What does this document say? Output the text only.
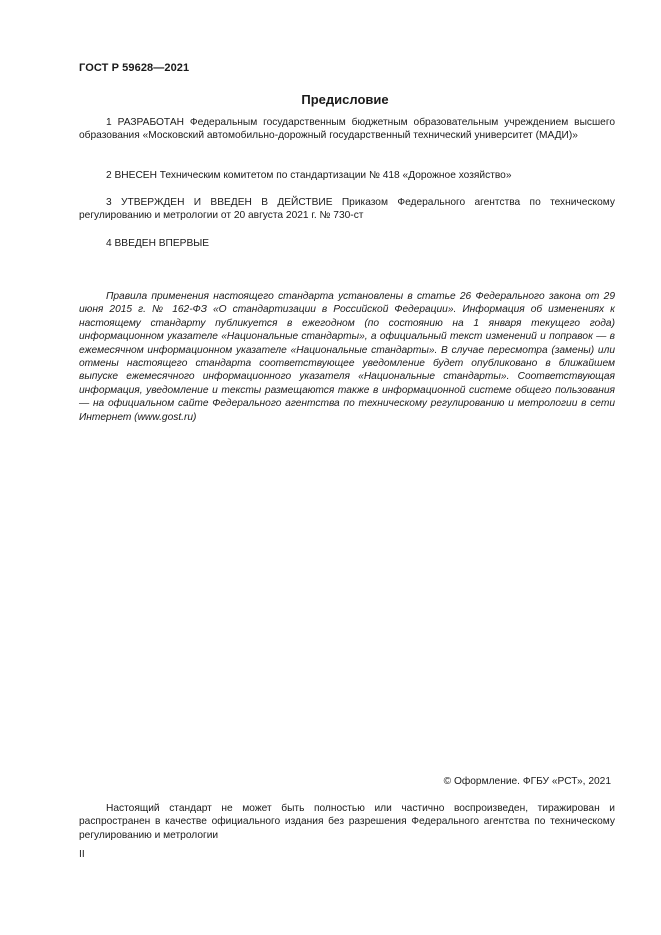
ГОСТ Р 59628—2021
Предисловие

1 РАЗРАБОТАН Федеральным государственным бюджетным образовательным учреждением высшего образования «Московский автомобильно-дорожный государственный технический университет (МАДИ)»

2 ВНЕСЕН Техническим комитетом по стандартизации № 418 «Дорожное хозяйство»

3 УТВЕРЖДЕН И ВВЕДЕН В ДЕЙСТВИЕ Приказом Федерального агентства по техническому регулированию и метрологии от 20 августа 2021 г. № 730-ст

4 ВВЕДЕН ВПЕРВЫЕ

Правила применения настоящего стандарта установлены в статье 26 Федерального закона от 29 июня 2015 г. № 162-ФЗ «О стандартизации в Российской Федерации». Информация об изменениях к настоящему стандарту публикуется в ежегодном (по состоянию на 1 января текущего года) информационном указателе «Национальные стандарты», а официальный текст изменений и поправок — в ежемесячном информационном указателе «Национальные стандарты». В случае пересмотра (замены) или отмены настоящего стандарта соответствующее уведомление будет опубликовано в ближайшем выпуске ежемесячного информационного указателя «Национальные стандарты». Соответствующая информация, уведомление и тексты размещаются также в информационной системе общего пользования — на официальном сайте Федерального агентства по техническому регулированию и метрологии в сети Интернет (www.gost.ru)

© Оформление. ФГБУ «РСТ», 2021

Настоящий стандарт не может быть полностью или частично воспроизведен, тиражирован и распространен в качестве официального издания без разрешения Федерального агентства по техническому регулированию и метрологии

II
